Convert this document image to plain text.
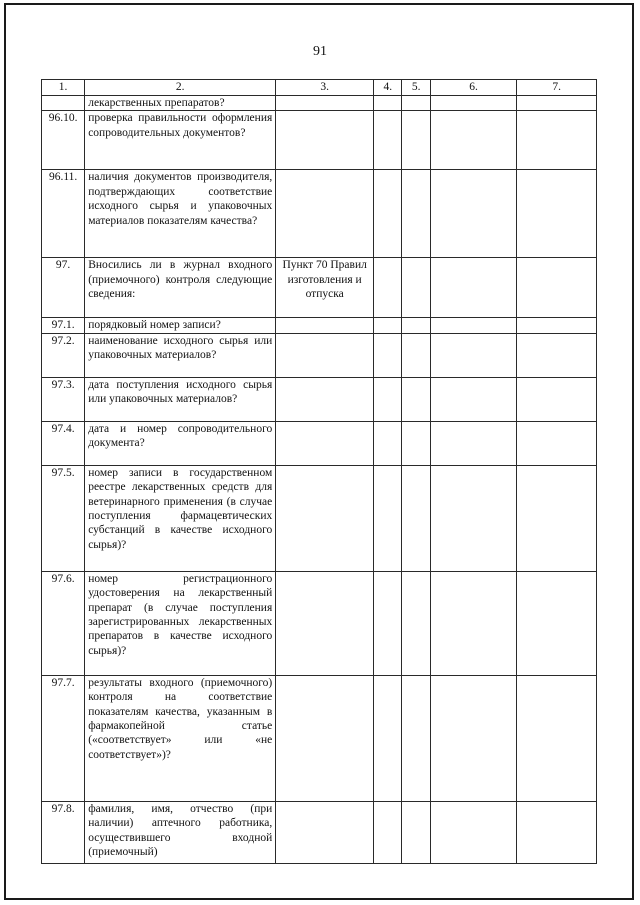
91
1.	2.	3.	4.	5.	6.	7.
	лекарственных препаратов?					
96.10.	проверка правильности оформления сопроводительных документов?					
96.11.	наличия документов производителя, подтверждающих соответствие исходного сырья и упаковочных материалов показателям качества?					
97.	Вносились ли в журнал входного (приемочного) контроля следующие сведения:	Пункт 70 Правил изготовления и отпуска				
97.1.	порядковый номер записи?					
97.2.	наименование исходного сырья или упаковочных материалов?					
97.3.	дата поступления исходного сырья или упаковочных материалов?					
97.4.	дата и номер сопроводительного документа?					
97.5.	номер записи в государственном реестре лекарственных средств для ветеринарного применения (в случае поступления фармацевтических субстанций в качестве исходного сырья)?					
97.6.	номер регистрационного удостоверения на лекарственный препарат (в случае поступления зарегистрированных лекарственных препаратов в качестве исходного сырья)?					
97.7.	результаты входного (приемочного) контроля на соответствие показателям качества, указанным в фармакопейной статье («соответствует» или «не соответствует»)?					
97.8.	фамилия, имя, отчество (при наличии) аптечного работника, осуществившего входной (приемочный)					
